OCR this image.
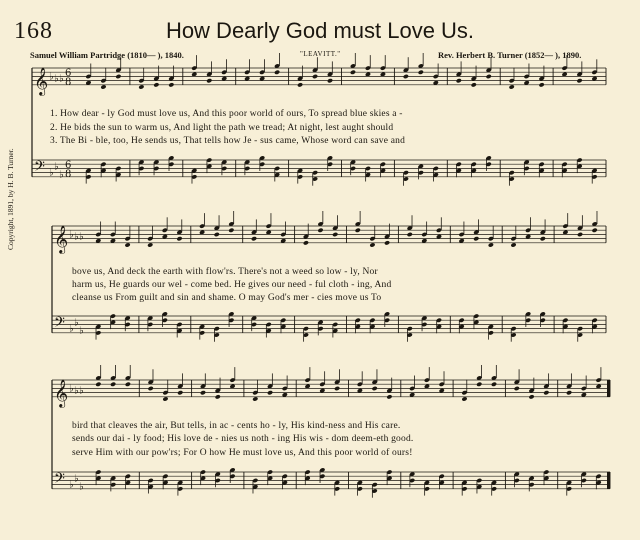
168	How Dearly God must Love Us.
Samuel William Partridge (1810— ), 1840.	"LEAVITT."	Rev. Herbert B. Turner (1852— ), 1890.
Copyright, 1891, by H. B. Turner.
𝄞 ♭ ♭ ♭
𝄢 ♭
♭
♭
6
8
6
8
𝄞 ♭ ♭ ♭
𝄢 ♭
♭
♭
𝄞 ♭ ♭ ♭
𝄢 ♭
♭
♭
1. How dear - ly God must love us, And this poor world of ours, To spread blue skies a -
2. He bids the sun to warm us, And light the path we tread; At night, lest aught should
3. The Bi - ble, too, He sends us, That tells how Je - sus came, Whose word can save and
bove us, And deck the earth with flow'rs. There's not a weed so low - ly, Nor
harm us, He guards our wel - come bed. He gives our need - ful cloth - ing, And
cleanse us From guilt and sin and shame. O may God's mer - cies move us To
bird that cleaves the air, But tells, in ac - cents ho - ly, His kind-ness and His care.
sends our dai - ly food; His love de - nies us noth - ing His wis - dom deem-eth good.
serve Him with our pow'rs; For O how He must love us, And this poor world of ours!
